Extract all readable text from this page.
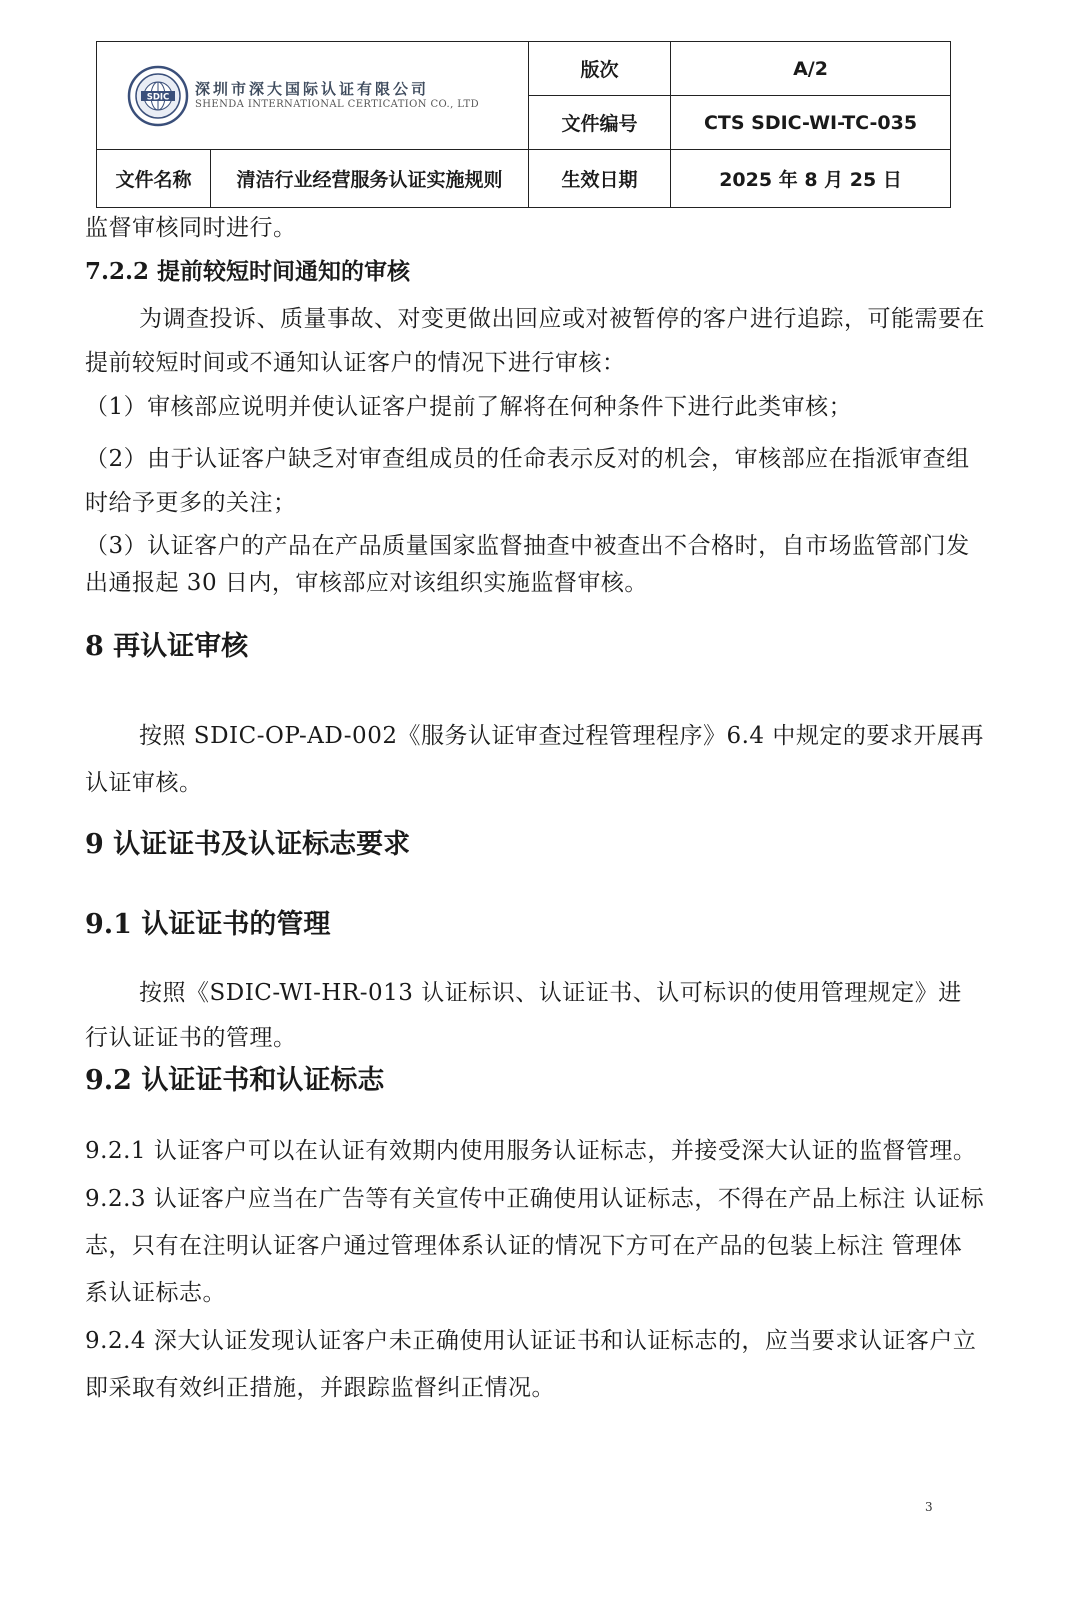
SDIC 深圳市深大国际认证有限公司
SHENDA INTERNATIONAL CERTICATION CO., LTD		版次	A/2
		文件编号	CTS SDIC-WI-TC-035
文件名称	清洁行业经营服务认证实施规则	生效日期	2025 年 8 月 25 日

监督审核同时进行。

7.2.2 提前较短时间通知的审核

为调查投诉、质量事故、对变更做出回应或对被暂停的客户进行追踪，可能需要在提前较短时间或不通知认证客户的情况下进行审核：

（1）审核部应说明并使认证客户提前了解将在何种条件下进行此类审核；

（2）由于认证客户缺乏对审查组成员的任命表示反对的机会，审核部应在指派审查组时给予更多的关注；

（3）认证客户的产品在产品质量国家监督抽查中被查出不合格时，自市场监管部门发出通报起 30 日内，审核部应对该组织实施监督审核。

8 再认证审核

按照 SDIC-OP-AD-002《服务认证审查过程管理程序》6.4 中规定的要求开展再认证审核。

9 认证证书及认证标志要求

9.1 认证证书的管理

按照《SDIC-WI-HR-013 认证标识、认证证书、认可标识的使用管理规定》进行认证证书的管理。

9.2 认证证书和认证标志

9.2.1 认证客户可以在认证有效期内使用服务认证标志，并接受深大认证的监督管理。

9.2.3 认证客户应当在广告等有关宣传中正确使用认证标志，不得在产品上标注 认证标志，只有在注明认证客户通过管理体系认证的情况下方可在产品的包装上标注 管理体系认证标志。

9.2.4 深大认证发现认证客户未正确使用认证证书和认证标志的，应当要求认证客户立即采取有效纠正措施，并跟踪监督纠正情况。

3
